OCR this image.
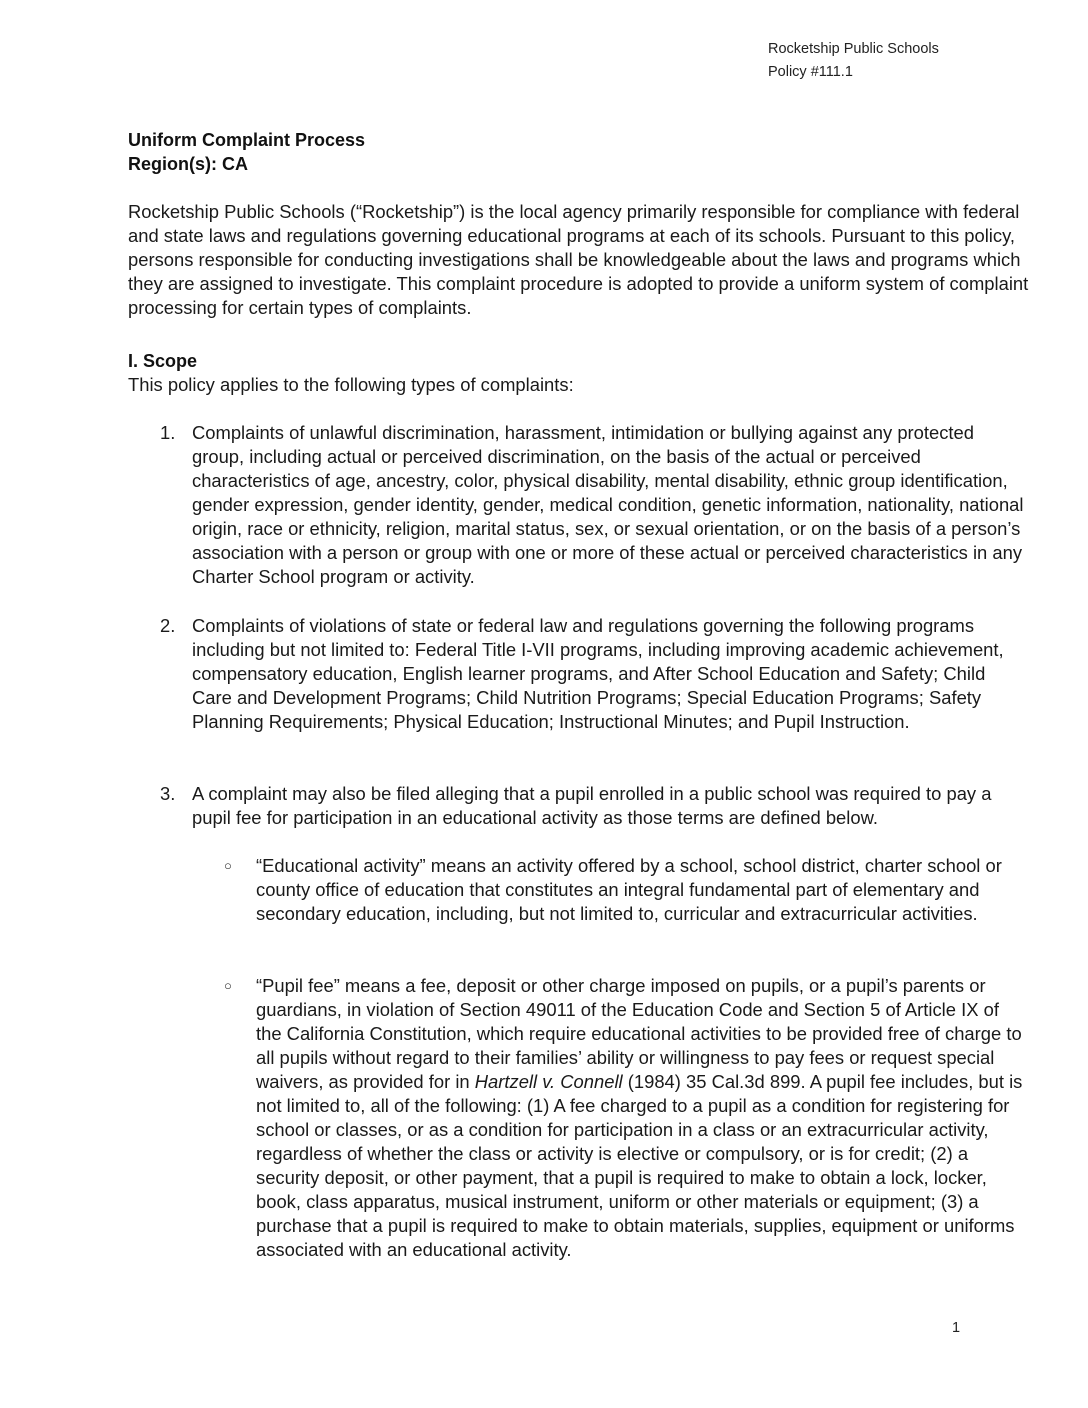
Rocketship Public Schools
Policy #111.1
Uniform Complaint Process
Region(s): CA
Rocketship Public Schools (“Rocketship”) is the local agency primarily responsible for compliance with federal and state laws and regulations governing educational programs at each of its schools. Pursuant to this policy, persons responsible for conducting investigations shall be knowledgeable about the laws and programs which they are assigned to investigate. This complaint procedure is adopted to provide a uniform system of complaint processing for certain types of complaints.
I. Scope
This policy applies to the following types of complaints:
1. Complaints of unlawful discrimination, harassment, intimidation or bullying against any protected group, including actual or perceived discrimination, on the basis of the actual or perceived characteristics of age, ancestry, color, physical disability, mental disability, ethnic group identification, gender expression, gender identity, gender, medical condition, genetic information, nationality, national origin, race or ethnicity, religion, marital status, sex, or sexual orientation, or on the basis of a person’s association with a person or group with one or more of these actual or perceived characteristics in any Charter School program or activity.
2. Complaints of violations of state or federal law and regulations governing the following programs including but not limited to: Federal Title I-VII programs, including improving academic achievement, compensatory education, English learner programs, and After School Education and Safety; Child Care and Development Programs; Child Nutrition Programs; Special Education Programs; Safety Planning Requirements; Physical Education; Instructional Minutes; and Pupil Instruction.
3. A complaint may also be filed alleging that a pupil enrolled in a public school was required to pay a pupil fee for participation in an educational activity as those terms are defined below.
○ “Educational activity” means an activity offered by a school, school district, charter school or county office of education that constitutes an integral fundamental part of elementary and secondary education, including, but not limited to, curricular and extracurricular activities.
○ “Pupil fee” means a fee, deposit or other charge imposed on pupils, or a pupil’s parents or guardians, in violation of Section 49011 of the Education Code and Section 5 of Article IX of the California Constitution, which require educational activities to be provided free of charge to all pupils without regard to their families’ ability or willingness to pay fees or request special waivers, as provided for in Hartzell v. Connell (1984) 35 Cal.3d 899. A pupil fee includes, but is not limited to, all of the following: (1) A fee charged to a pupil as a condition for registering for school or classes, or as a condition for participation in a class or an extracurricular activity, regardless of whether the class or activity is elective or compulsory, or is for credit; (2) a security deposit, or other payment, that a pupil is required to make to obtain a lock, locker, book, class apparatus, musical instrument, uniform or other materials or equipment; (3) a purchase that a pupil is required to make to obtain materials, supplies, equipment or uniforms associated with an educational activity.
1
